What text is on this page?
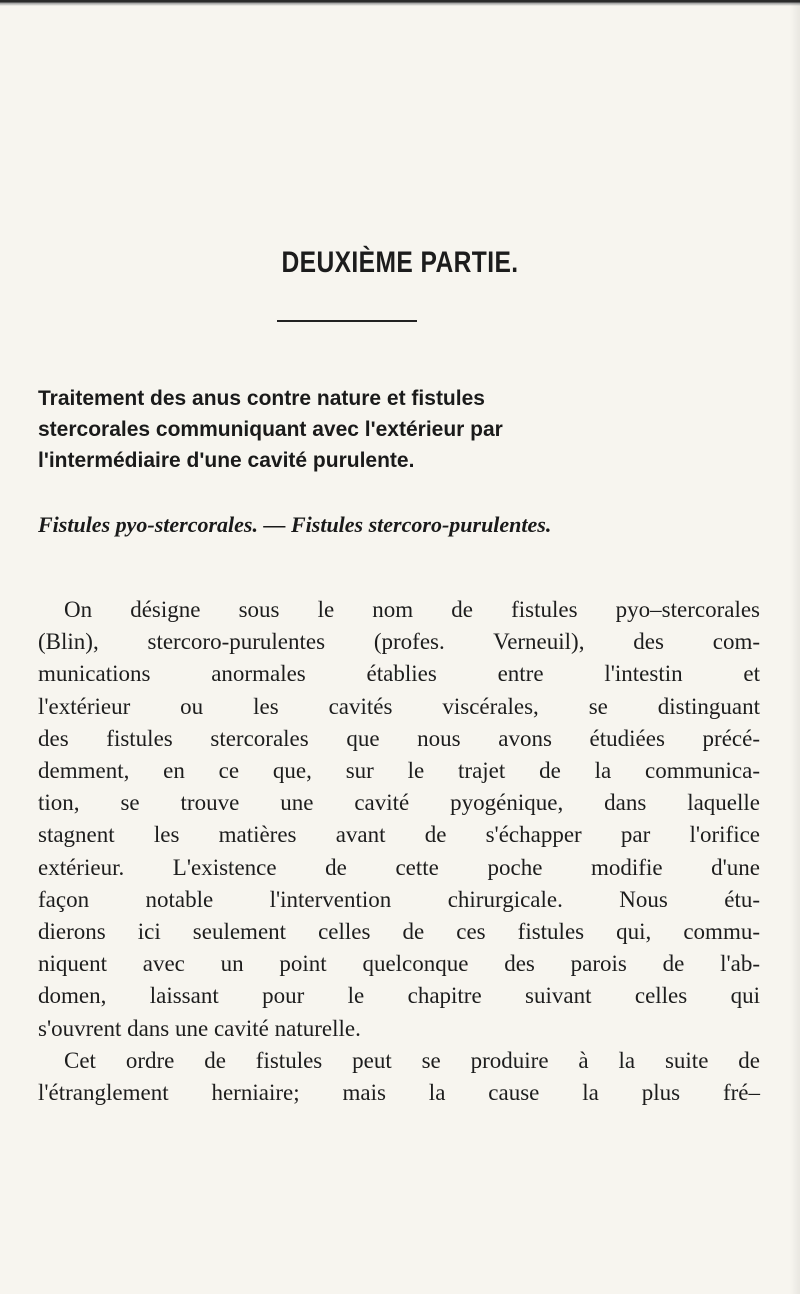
DEUXIÈME PARTIE.
Traitement des anus contre nature et fistules
stercorales communiquant avec l'extérieur par
l'intermédiaire d'une cavité purulente.
Fistules pyo-stercorales. — Fistules stercoro-purulentes.
On désigne sous le nom de fistules pyo–stercorales
(Blin), stercoro-purulentes (profes. Verneuil), des com-
munications anormales établies entre l'intestin et
l'extérieur ou les cavités viscérales, se distinguant
des fistules stercorales que nous avons étudiées précé-
demment, en ce que, sur le trajet de la communica-
tion, se trouve une cavité pyogénique, dans laquelle
stagnent les matières avant de s'échapper par l'orifice
extérieur. L'existence de cette poche modifie d'une
façon notable l'intervention chirurgicale. Nous étu-
dierons ici seulement celles de ces fistules qui, commu-
niquent avec un point quelconque des parois de l'ab-
domen, laissant pour le chapitre suivant celles qui
s'ouvrent dans une cavité naturelle.
Cet ordre de fistules peut se produire à la suite de
l'étranglement herniaire; mais la cause la plus fré–
